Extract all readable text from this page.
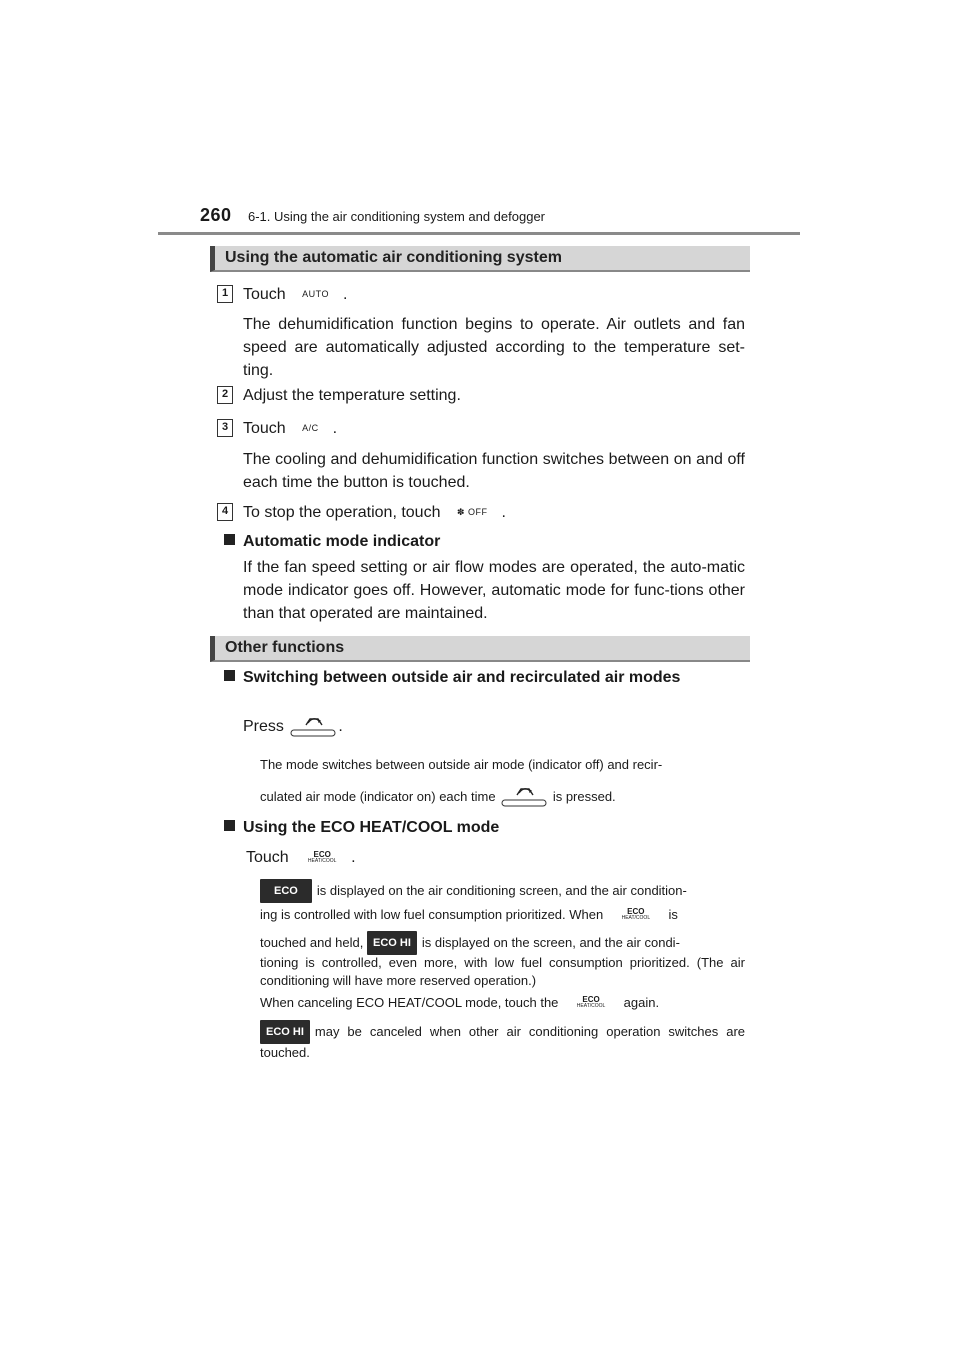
260 6-1. Using the air conditioning system and defogger
Using the automatic air conditioning system
1 Touch AUTO .
The dehumidification function begins to operate. Air outlets and fan speed are automatically adjusted according to the temperature set-ting.
2 Adjust the temperature setting.
3 Touch A/C .
The cooling and dehumidification function switches between on and off each time the button is touched.
4 To stop the operation, touch ✽ OFF .
Automatic mode indicator
If the fan speed setting or air flow modes are operated, the auto-matic mode indicator goes off. However, automatic mode for func-tions other than that operated are maintained.
Other functions
Switching between outside air and recirculated air modes
Press	.
The mode switches between outside air mode (indicator off) and recir-
culated air mode (indicator on) each time	is pressed.
Using the ECO HEAT/COOL mode
Touch	ECO
HEAT/COOL .
ECO is displayed on the air conditioning screen, and the air condition-
ing is controlled with low fuel consumption prioritized. When	ECO
HEAT/COOL is
touched and held, ECO HI is displayed on the screen, and the air condi-
tioning is controlled, even more, with low fuel consumption prioritized. (The air conditioning will have more reserved operation.)
When canceling ECO HEAT/COOL mode, touch the	ECO
HEAT/COOL again.
ECO HI may be canceled when other air conditioning operation switches are touched.
